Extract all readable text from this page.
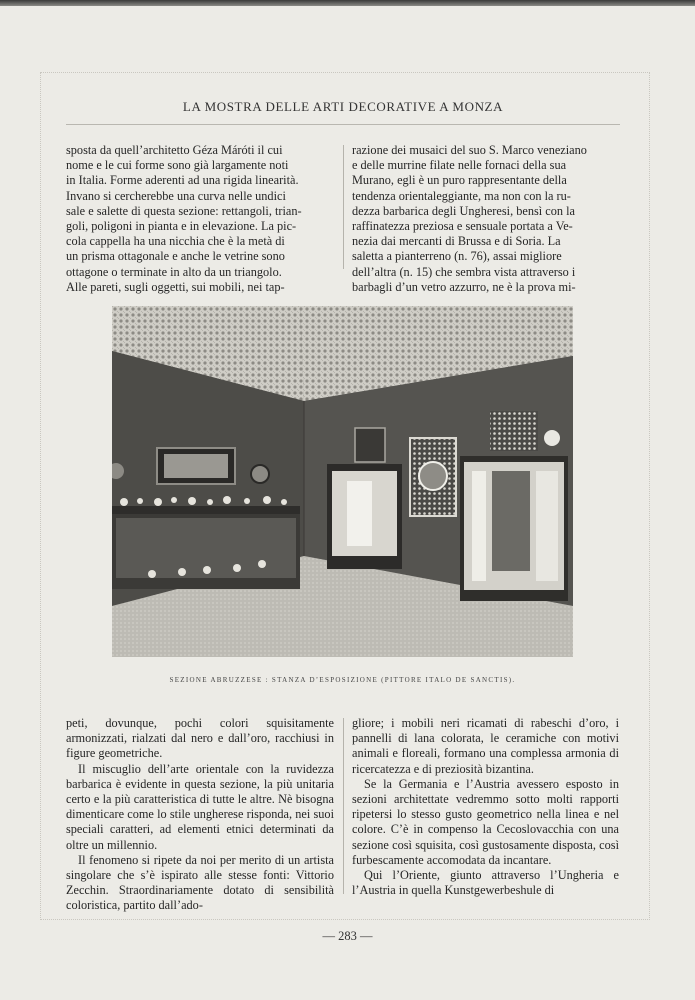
LA MOSTRA DELLE ARTI DECORATIVE A MONZA

sposta da quell’architetto Géza Máróti il cui

nome e le cui forme sono già largamente noti

in Italia. Forme aderenti ad una rigida linearità.

Invano si cercherebbe una curva nelle undici

sale e salette di questa sezione: rettangoli, trian-

goli, poligoni in pianta e in elevazione. La pic-

cola cappella ha una nicchia che è la metà di

un prisma ottagonale e anche le vetrine sono

ottagone o terminate in alto da un triangolo.

Alle pareti, sugli oggetti, sui mobili, nei tap-

razione dei musaici del suo S. Marco veneziano

e delle murrine filate nelle fornaci della sua

Murano, egli è un puro rappresentante della

tendenza orientaleggiante, ma non con la ru-

dezza barbarica degli Ungheresi, bensì con la

raffinatezza preziosa e sensuale portata a Ve-

nezia dai mercanti di Brussa e di Soria. La

saletta a pianterreno (n. 76), assai migliore

dell’altra (n. 15) che sembra vista attraverso i

barbagli d’un vetro azzurro, ne è la prova mi-

SEZIONE ABRUZZESE : STANZA D’ESPOSIZIONE (PITTORE ITALO DE SANCTIS).

peti, dovunque, pochi colori squisitamente armonizzati, rialzati dal nero e dall’oro, racchiusi in figure geometriche.

Il miscuglio dell’arte orientale con la ruvidezza barbarica è evidente in questa sezione, la più unitaria certo e la più caratteristica di tutte le altre. Nè bisogna dimenticare come lo stile ungherese risponda, nei suoi speciali caratteri, ad elementi etnici determinati da oltre un millennio.

Il fenomeno si ripete da noi per merito di un artista singolare che s’è ispirato alle stesse fonti: Vittorio Zecchin. Straordinariamente dotato di sensibilità coloristica, partito dall’ado-

gliore; i mobili neri ricamati di rabeschi d’oro, i pannelli di lana colorata, le ceramiche con motivi animali e floreali, formano una complessa armonia di ricercatezza e di preziosità bizantina.

Se la Germania e l’Austria avessero esposto in sezioni architettate vedremmo sotto molti rapporti ripetersi lo stesso gusto geometrico nella linea e nel colore. C’è in compenso la Cecoslovacchia con una sezione così squisita, così gustosamente disposta, così furbescamente accomodata da incantare.

Qui l’Oriente, giunto attraverso l’Ungheria e l’Austria in quella Kunstgewerbeshule di

— 283 —
